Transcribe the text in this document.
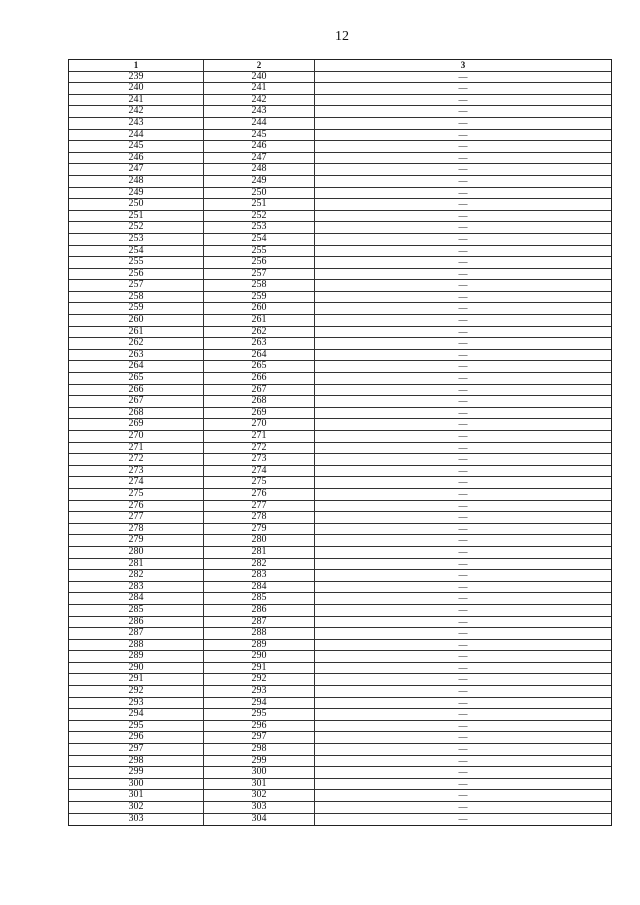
12
1	2	3
239	240	—
240	241	—
241	242	—
242	243	—
243	244	—
244	245	—
245	246	—
246	247	—
247	248	—
248	249	—
249	250	—
250	251	—
251	252	—
252	253	—
253	254	—
254	255	—
255	256	—
256	257	—
257	258	—
258	259	—
259	260	—
260	261	—
261	262	—
262	263	—
263	264	—
264	265	—
265	266	—
266	267	—
267	268	—
268	269	—
269	270	—
270	271	—
271	272	—
272	273	—
273	274	—
274	275	—
275	276	—
276	277	—
277	278	—
278	279	—
279	280	—
280	281	—
281	282	—
282	283	—
283	284	—
284	285	—
285	286	—
286	287	—
287	288	—
288	289	—
289	290	—
290	291	—
291	292	—
292	293	—
293	294	—
294	295	—
295	296	—
296	297	—
297	298	—
298	299	—
299	300	—
300	301	—
301	302	—
302	303	—
303	304	—
